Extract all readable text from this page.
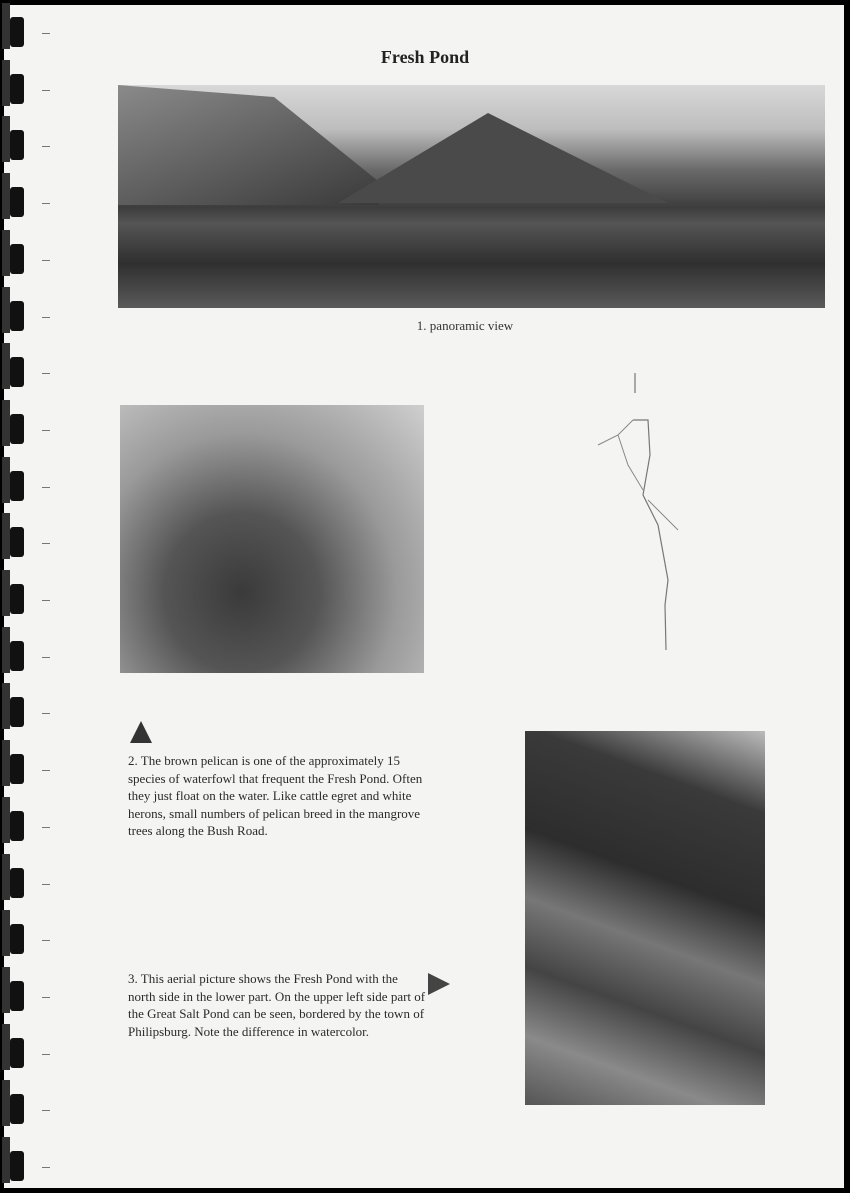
Fresh Pond
1. panoramic view
2. The brown pelican is one of the approximately 15 species of waterfowl that frequent the Fresh Pond. Often they just float on the water. Like cattle egret and white herons, small numbers of pelican breed in the mangrove trees along the Bush Road.
3. This aerial picture shows the Fresh Pond with the north side in the lower part. On the upper left side part of the Great Salt Pond can be seen, bordered by the town of Philipsburg. Note the difference in watercolor.
